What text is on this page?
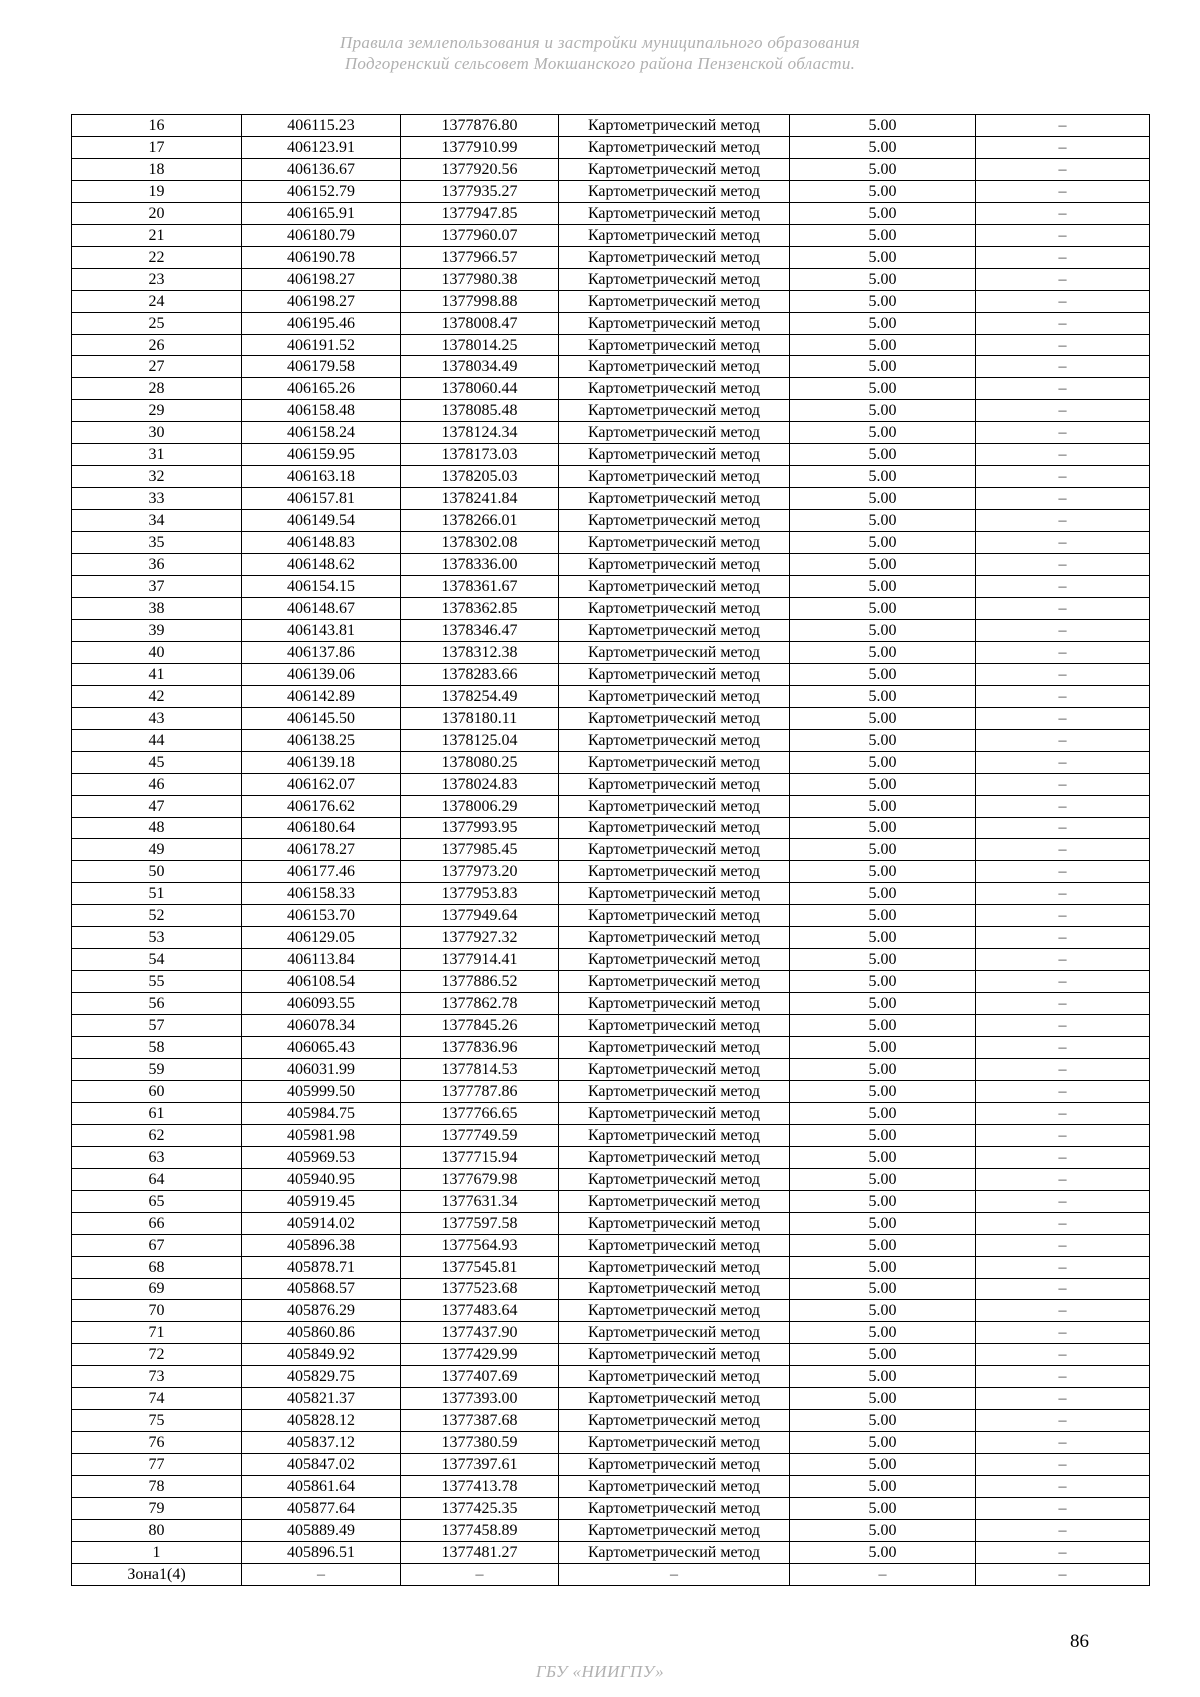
Правила землепользования и застройки муниципального образования
Подгоренский сельсовет Мокшанского района Пензенской области.
16	406115.23	1377876.80	Картометрический метод	5.00	–
17	406123.91	1377910.99	Картометрический метод	5.00	–
18	406136.67	1377920.56	Картометрический метод	5.00	–
19	406152.79	1377935.27	Картометрический метод	5.00	–
20	406165.91	1377947.85	Картометрический метод	5.00	–
21	406180.79	1377960.07	Картометрический метод	5.00	–
22	406190.78	1377966.57	Картометрический метод	5.00	–
23	406198.27	1377980.38	Картометрический метод	5.00	–
24	406198.27	1377998.88	Картометрический метод	5.00	–
25	406195.46	1378008.47	Картометрический метод	5.00	–
26	406191.52	1378014.25	Картометрический метод	5.00	–
27	406179.58	1378034.49	Картометрический метод	5.00	–
28	406165.26	1378060.44	Картометрический метод	5.00	–
29	406158.48	1378085.48	Картометрический метод	5.00	–
30	406158.24	1378124.34	Картометрический метод	5.00	–
31	406159.95	1378173.03	Картометрический метод	5.00	–
32	406163.18	1378205.03	Картометрический метод	5.00	–
33	406157.81	1378241.84	Картометрический метод	5.00	–
34	406149.54	1378266.01	Картометрический метод	5.00	–
35	406148.83	1378302.08	Картометрический метод	5.00	–
36	406148.62	1378336.00	Картометрический метод	5.00	–
37	406154.15	1378361.67	Картометрический метод	5.00	–
38	406148.67	1378362.85	Картометрический метод	5.00	–
39	406143.81	1378346.47	Картометрический метод	5.00	–
40	406137.86	1378312.38	Картометрический метод	5.00	–
41	406139.06	1378283.66	Картометрический метод	5.00	–
42	406142.89	1378254.49	Картометрический метод	5.00	–
43	406145.50	1378180.11	Картометрический метод	5.00	–
44	406138.25	1378125.04	Картометрический метод	5.00	–
45	406139.18	1378080.25	Картометрический метод	5.00	–
46	406162.07	1378024.83	Картометрический метод	5.00	–
47	406176.62	1378006.29	Картометрический метод	5.00	–
48	406180.64	1377993.95	Картометрический метод	5.00	–
49	406178.27	1377985.45	Картометрический метод	5.00	–
50	406177.46	1377973.20	Картометрический метод	5.00	–
51	406158.33	1377953.83	Картометрический метод	5.00	–
52	406153.70	1377949.64	Картометрический метод	5.00	–
53	406129.05	1377927.32	Картометрический метод	5.00	–
54	406113.84	1377914.41	Картометрический метод	5.00	–
55	406108.54	1377886.52	Картометрический метод	5.00	–
56	406093.55	1377862.78	Картометрический метод	5.00	–
57	406078.34	1377845.26	Картометрический метод	5.00	–
58	406065.43	1377836.96	Картометрический метод	5.00	–
59	406031.99	1377814.53	Картометрический метод	5.00	–
60	405999.50	1377787.86	Картометрический метод	5.00	–
61	405984.75	1377766.65	Картометрический метод	5.00	–
62	405981.98	1377749.59	Картометрический метод	5.00	–
63	405969.53	1377715.94	Картометрический метод	5.00	–
64	405940.95	1377679.98	Картометрический метод	5.00	–
65	405919.45	1377631.34	Картометрический метод	5.00	–
66	405914.02	1377597.58	Картометрический метод	5.00	–
67	405896.38	1377564.93	Картометрический метод	5.00	–
68	405878.71	1377545.81	Картометрический метод	5.00	–
69	405868.57	1377523.68	Картометрический метод	5.00	–
70	405876.29	1377483.64	Картометрический метод	5.00	–
71	405860.86	1377437.90	Картометрический метод	5.00	–
72	405849.92	1377429.99	Картометрический метод	5.00	–
73	405829.75	1377407.69	Картометрический метод	5.00	–
74	405821.37	1377393.00	Картометрический метод	5.00	–
75	405828.12	1377387.68	Картометрический метод	5.00	–
76	405837.12	1377380.59	Картометрический метод	5.00	–
77	405847.02	1377397.61	Картометрический метод	5.00	–
78	405861.64	1377413.78	Картометрический метод	5.00	–
79	405877.64	1377425.35	Картометрический метод	5.00	–
80	405889.49	1377458.89	Картометрический метод	5.00	–
1	405896.51	1377481.27	Картометрический метод	5.00	–
Зона1(4)	–	–	–	–	–
86
ГБУ «НИИГПУ»
